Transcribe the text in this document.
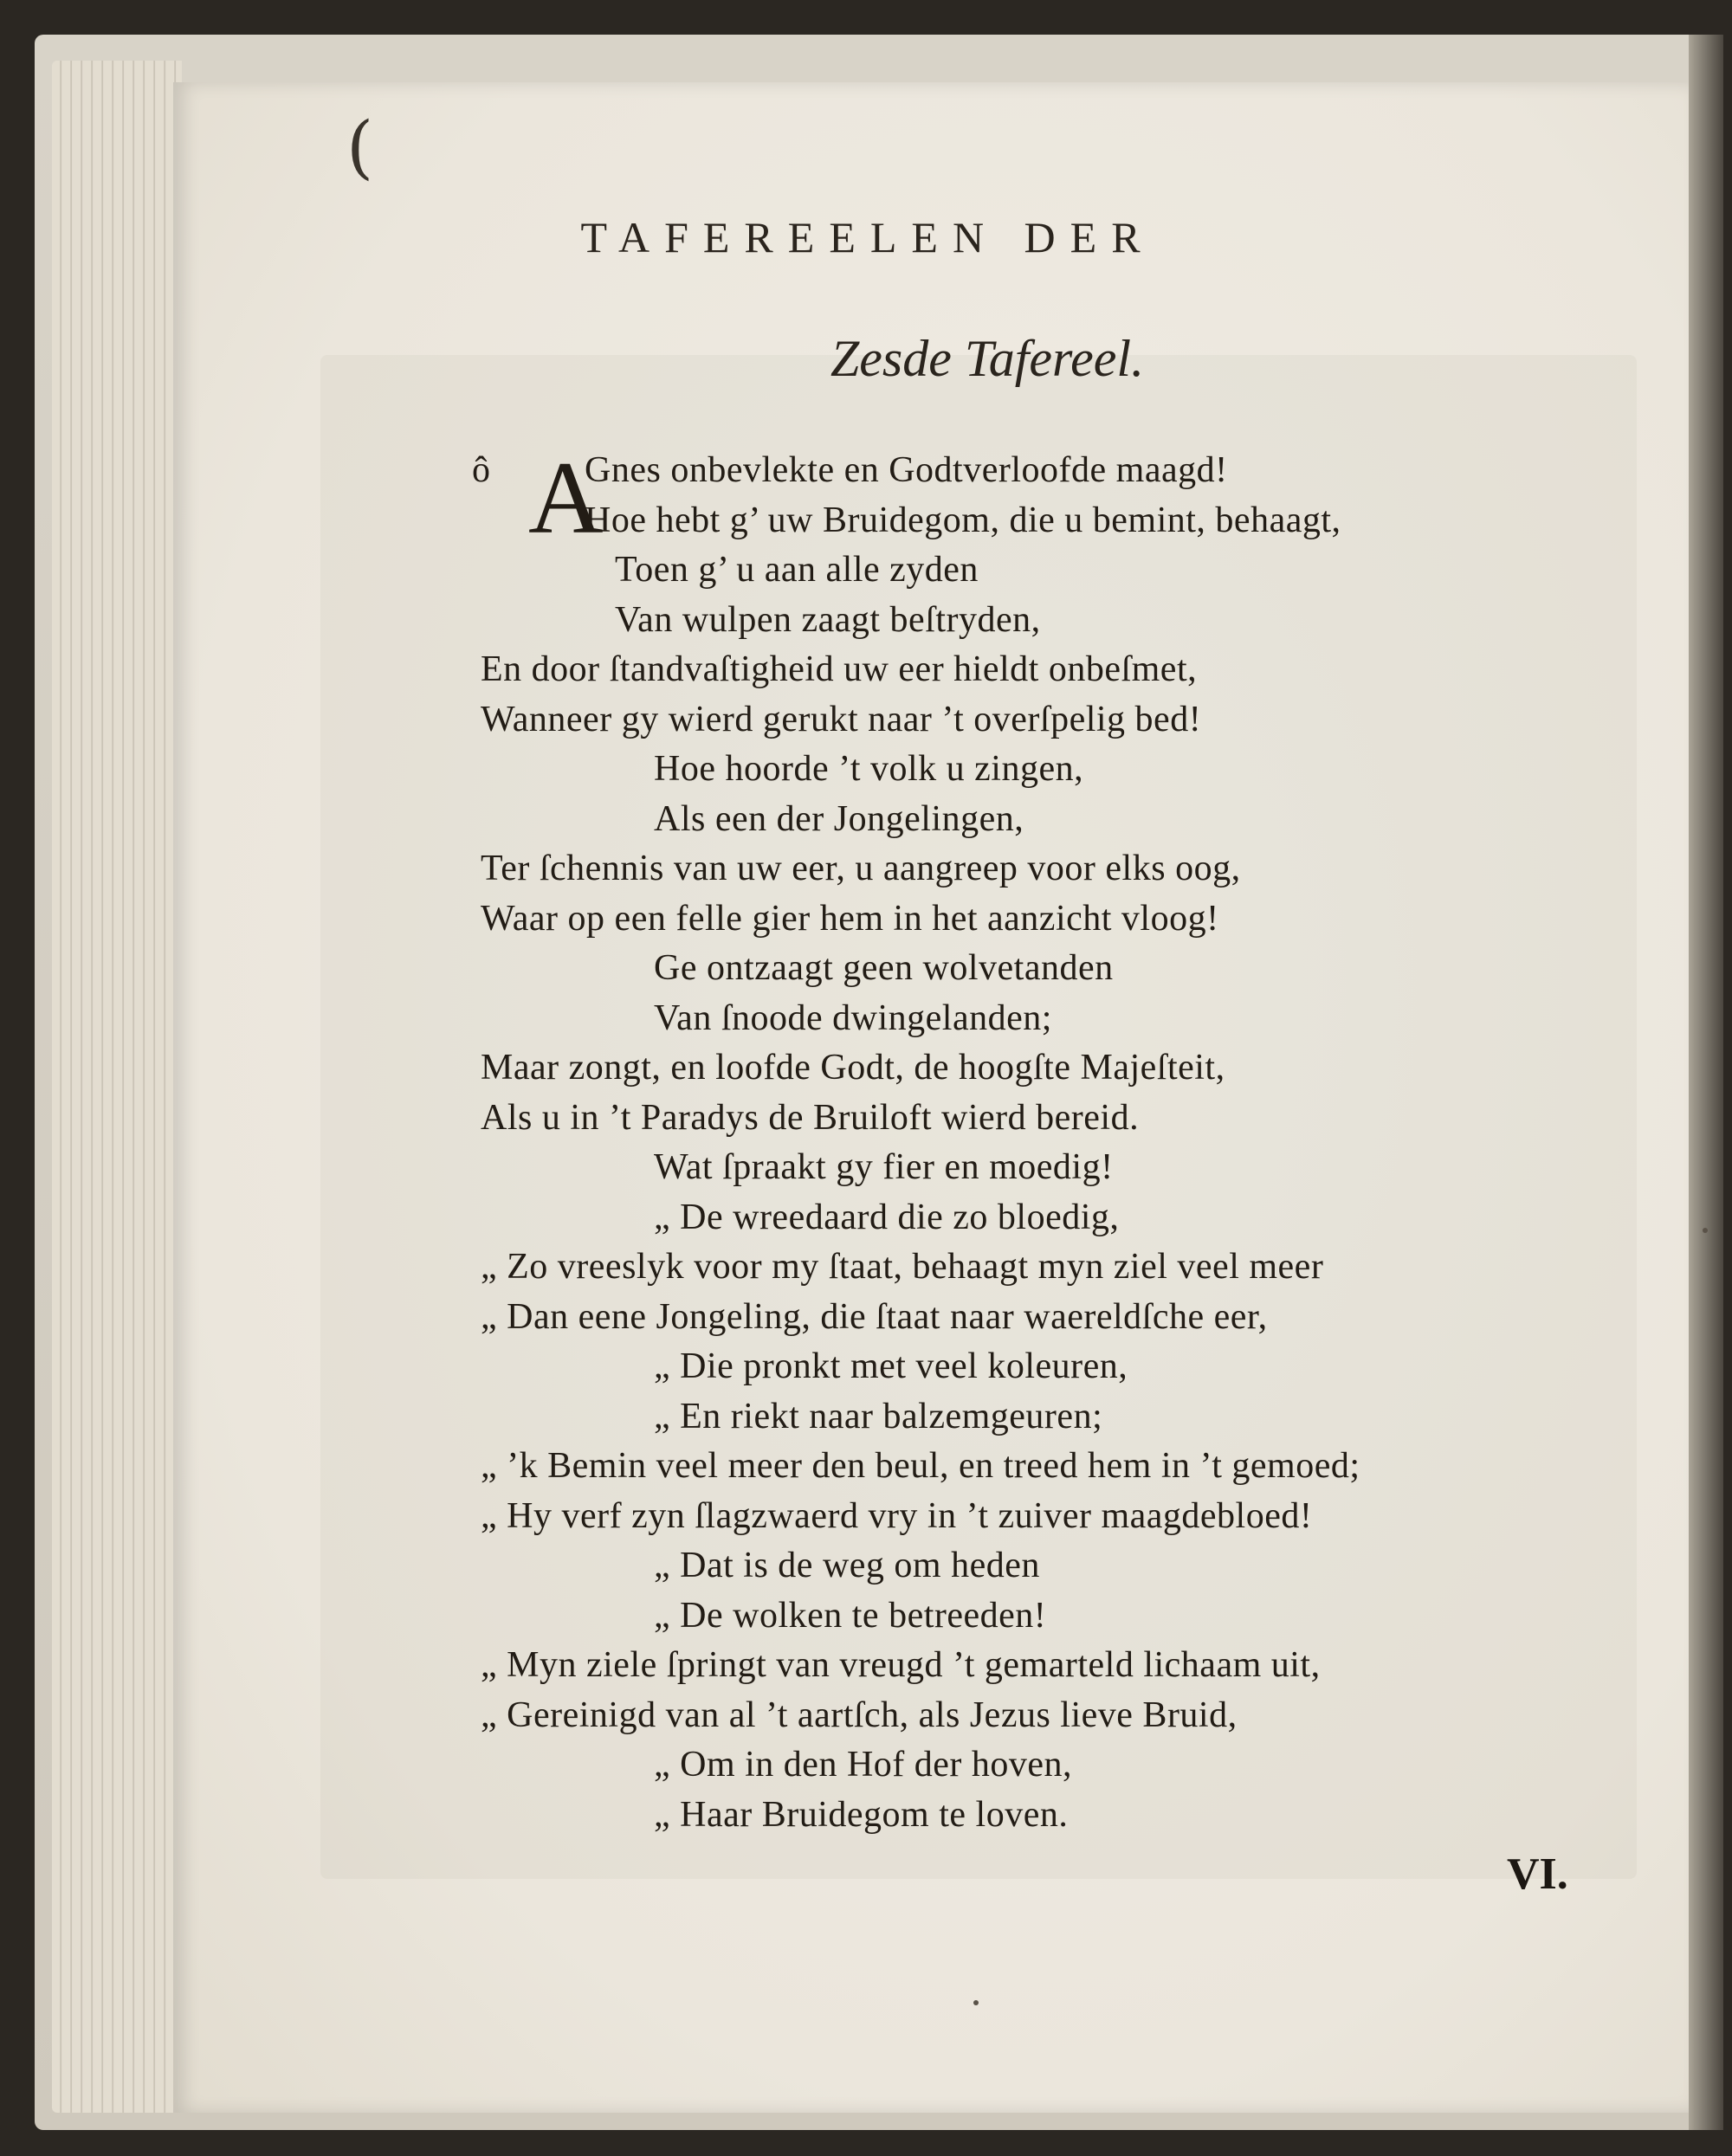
(
TAFEREELEN DER
Zesde Tafereel.
ô A
Gnes onbevlekte en Godtverloofde maagd!
Hoe hebt g’ uw Bruidegom, die u bemint, behaagt,
Toen g’ u aan alle zyden
Van wulpen zaagt beſtryden,
En door ſtandvaſtigheid uw eer hieldt onbeſmet,
Wanneer gy wierd gerukt naar ’t overſpelig bed!
Hoe hoorde ’t volk u zingen,
Als een der Jongelingen,
Ter ſchennis van uw eer, u aangreep voor elks oog,
Waar op een felle gier hem in het aanzicht vloog!
Ge ontzaagt geen wolvetanden
Van ſnoode dwingelanden;
Maar zongt, en loofde Godt, de hoogſte Majeſteit,
Als u in ’t Paradys de Bruiloft wierd bereid.
Wat ſpraakt gy fier en moedig!
„ De wreedaard die zo bloedig,
„ Zo vreeslyk voor my ſtaat, behaagt myn ziel veel meer
„ Dan eene Jongeling, die ſtaat naar waereldſche eer,
„ Die pronkt met veel koleuren,
„ En riekt naar balzemgeuren;
„ ’k Bemin veel meer den beul, en treed hem in ’t gemoed;
„ Hy verf zyn ſlagzwaerd vry in ’t zuiver maagdebloed!
„ Dat is de weg om heden
„ De wolken te betreeden!
„ Myn ziele ſpringt van vreugd ’t gemarteld lichaam uit,
„ Gereinigd van al ’t aartſch, als Jezus lieve Bruid,
„ Om in den Hof der hoven,
„ Haar Bruidegom te loven.
VI.
